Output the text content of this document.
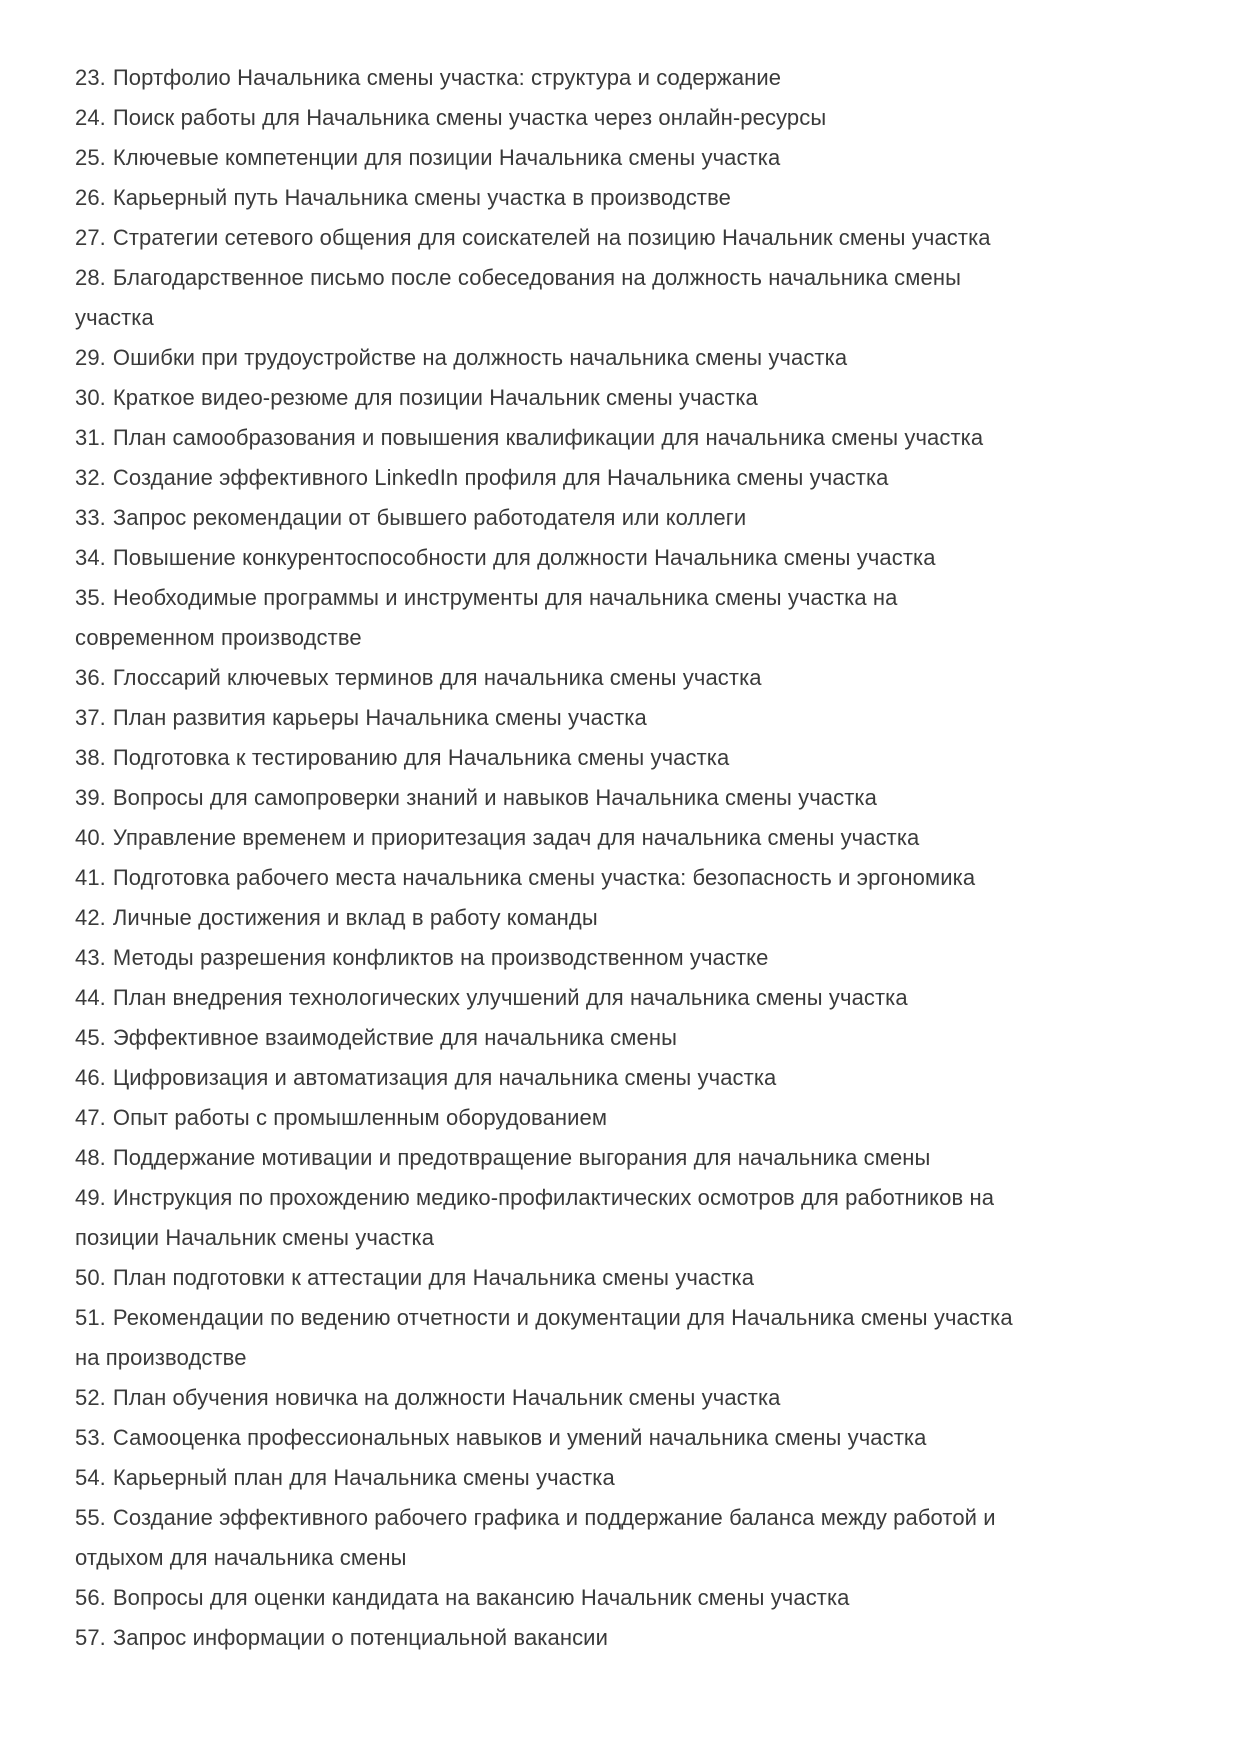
23. Портфолио Начальника смены участка: структура и содержание
24. Поиск работы для Начальника смены участка через онлайн-ресурсы
25. Ключевые компетенции для позиции Начальника смены участка
26. Карьерный путь Начальника смены участка в производстве
27. Стратегии сетевого общения для соискателей на позицию Начальник смены участка
28. Благодарственное письмо после собеседования на должность начальника смены
участка
29. Ошибки при трудоустройстве на должность начальника смены участка
30. Краткое видео-резюме для позиции Начальник смены участка
31. План самообразования и повышения квалификации для начальника смены участка
32. Создание эффективного LinkedIn профиля для Начальника смены участка
33. Запрос рекомендации от бывшего работодателя или коллеги
34. Повышение конкурентоспособности для должности Начальника смены участка
35. Необходимые программы и инструменты для начальника смены участка на
современном производстве
36. Глоссарий ключевых терминов для начальника смены участка
37. План развития карьеры Начальника смены участка
38. Подготовка к тестированию для Начальника смены участка
39. Вопросы для самопроверки знаний и навыков Начальника смены участка
40. Управление временем и приоритезация задач для начальника смены участка
41. Подготовка рабочего места начальника смены участка: безопасность и эргономика
42. Личные достижения и вклад в работу команды
43. Методы разрешения конфликтов на производственном участке
44. План внедрения технологических улучшений для начальника смены участка
45. Эффективное взаимодействие для начальника смены
46. Цифровизация и автоматизация для начальника смены участка
47. Опыт работы с промышленным оборудованием
48. Поддержание мотивации и предотвращение выгорания для начальника смены
49. Инструкция по прохождению медико-профилактических осмотров для работников на
позиции Начальник смены участка
50. План подготовки к аттестации для Начальника смены участка
51. Рекомендации по ведению отчетности и документации для Начальника смены участка
на производстве
52. План обучения новичка на должности Начальник смены участка
53. Самооценка профессиональных навыков и умений начальника смены участка
54. Карьерный план для Начальника смены участка
55. Создание эффективного рабочего графика и поддержание баланса между работой и
отдыхом для начальника смены
56. Вопросы для оценки кандидата на вакансию Начальник смены участка
57. Запрос информации о потенциальной вакансии
